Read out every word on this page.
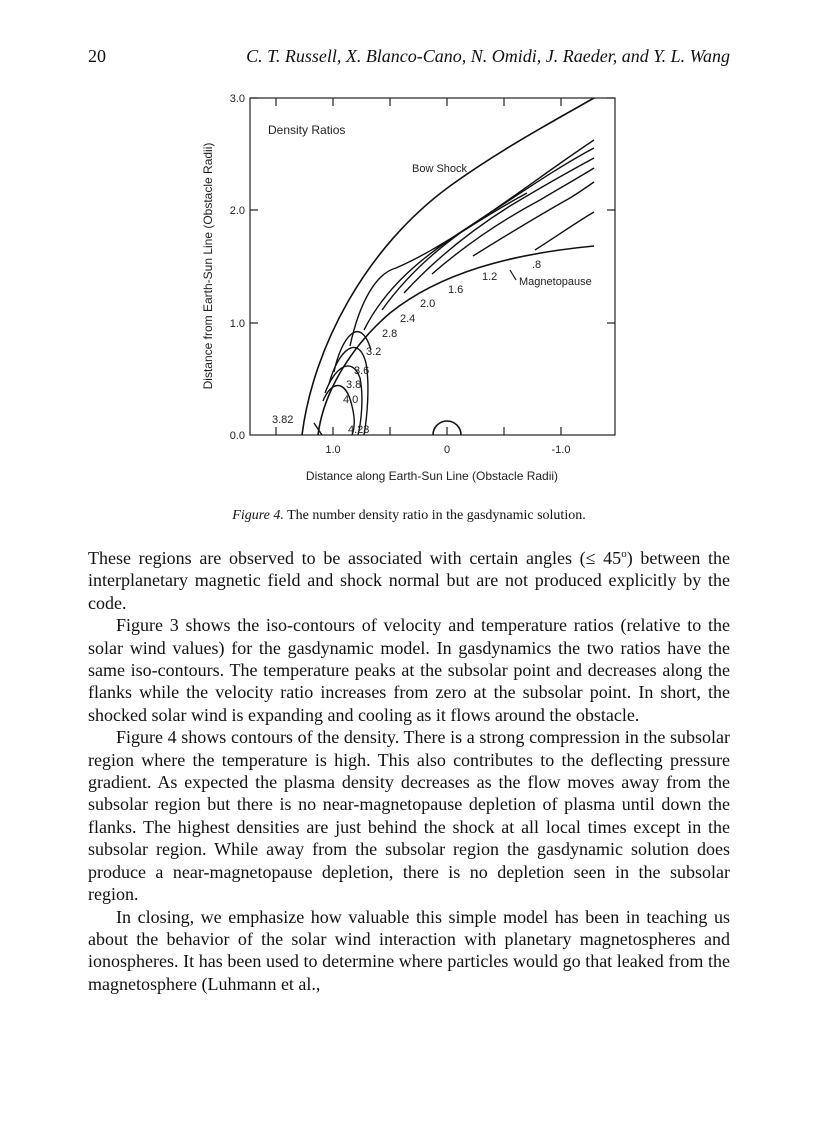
20	C. T. Russell, X. Blanco-Cano, N. Omidi, J. Raeder, and Y. L. Wang
3.0
2.0
1.0
0.0
1.0	0	-1.0
Distance along Earth-Sun Line (Obstacle Radii)
Distance from Earth-Sun Line (Obstacle Radii)
Density Ratios
Bow Shock
Magnetopause
3.82
4.23
4.0
3.8
3.6
3.2
2.8
2.4
2.0
1.6
1.2
.8
Figure 4. The number density ratio in the gasdynamic solution.

These regions are observed to be associated with certain angles (≤ $45^o$) between the interplanetary magnetic field and shock normal but are not produced explicitly by the code.

Figure 3 shows the iso-contours of velocity and temperature ratios (relative to the solar wind values) for the gasdynamic model. In gasdynamics the two ratios have the same iso-contours. The temperature peaks at the subsolar point and decreases along the flanks while the velocity ratio increases from zero at the subsolar point. In short, the shocked solar wind is expanding and cooling as it flows around the obstacle.

Figure 4 shows contours of the density. There is a strong compression in the subsolar region where the temperature is high. This also contributes to the deflecting pressure gradient. As expected the plasma density decreases as the flow moves away from the subsolar region but there is no near-magnetopause depletion of plasma until down the flanks. The highest densities are just behind the shock at all local times except in the subsolar region. While away from the subsolar region the gasdynamic solution does produce a near-magnetopause depletion, there is no depletion seen in the subsolar region.

In closing, we emphasize how valuable this simple model has been in teaching us about the behavior of the solar wind interaction with planetary magnetospheres and ionospheres. It has been used to determine where particles would go that leaked from the magnetosphere (Luhmann et al.,
